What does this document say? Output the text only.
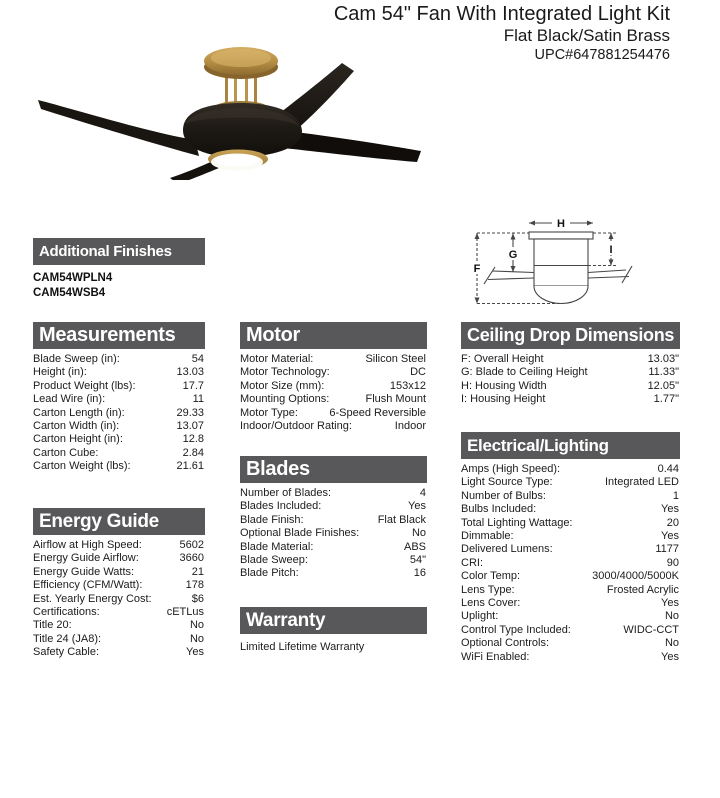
Cam 54" Fan With Integrated Light Kit
Flat Black/Satin Brass
UPC#647881254476
F
G
H
I
Additional Finishes
CAM54WPLN4
CAM54WSB4
Measurements
Blade Sweep (in):	54
Height (in):	13.03
Product Weight (lbs):	17.7
Lead Wire (in):	11
Carton Length (in):	29.33
Carton Width (in):	13.07
Carton Height (in):	12.8
Carton Cube:	2.84
Carton Weight (lbs):	21.61
Energy Guide
Airflow at High Speed:	5602
Energy Guide Airflow:	3660
Energy Guide Watts:	21
Efficiency (CFM/Watt):	178
Est. Yearly Energy Cost:	$6
Certifications:	cETLus
Title 20:	No
Title 24 (JA8):	No
Safety Cable:	Yes
Motor
Motor Material:	Silicon Steel
Motor Technology:	DC
Motor Size (mm):	153x12
Mounting Options:	Flush Mount
Motor Type:	6-Speed Reversible
Indoor/Outdoor Rating:	Indoor
Blades
Number of Blades:	4
Blades Included:	Yes
Blade Finish:	Flat Black
Optional Blade Finishes:	No
Blade Material:	ABS
Blade Sweep:	54"
Blade Pitch:	16
Warranty
Limited Lifetime Warranty
Ceiling Drop Dimensions
F: Overall Height	13.03"
G: Blade to Ceiling Height	11.33"
H: Housing Width	12.05"
I: Housing Height	1.77"
Electrical/Lighting
Amps (High Speed):	0.44
Light Source Type:	Integrated LED
Number of Bulbs:	1
Bulbs Included:	Yes
Total Lighting Wattage:	20
Dimmable:	Yes
Delivered Lumens:	1177
CRI:	90
Color Temp:	3000/4000/5000K
Lens Type:	Frosted Acrylic
Lens Cover:	Yes
Uplight:	No
Control Type Included:	WIDC-CCT
Optional Controls:	No
WiFi Enabled:	Yes
